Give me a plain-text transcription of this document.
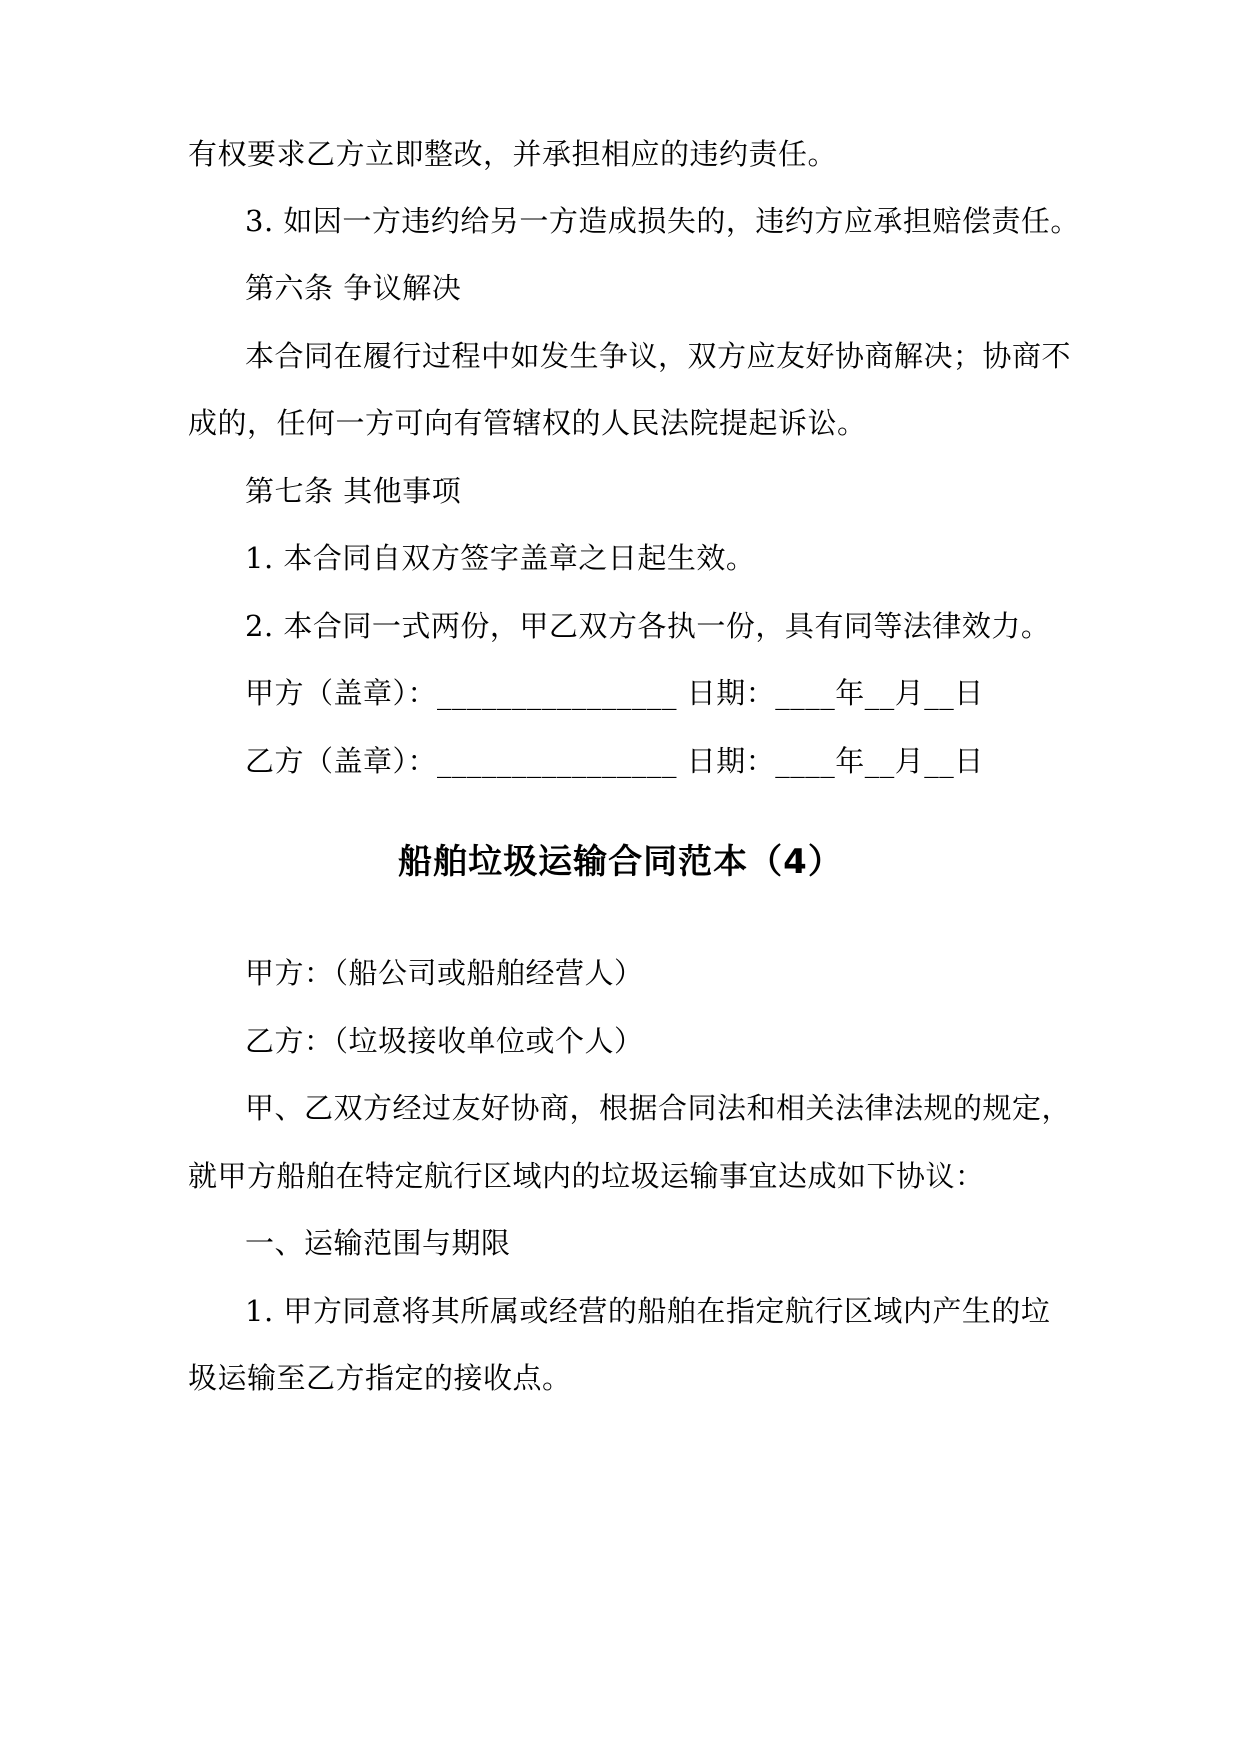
有权要求乙方立即整改，并承担相应的违约责任。
3. 如因一方违约给另一方造成损失的，违约方应承担赔偿责任。
第六条 争议解决
本合同在履行过程中如发生争议，双方应友好协商解决；协商不
成的，任何一方可向有管辖权的人民法院提起诉讼。
第七条 其他事项
1. 本合同自双方签字盖章之日起生效。
2. 本合同一式两份，甲乙双方各执一份，具有同等法律效力。
甲方（盖章）：________________ 日期：____年__月__日
乙方（盖章）：________________ 日期：____年__月__日
船舶垃圾运输合同范本（4）
甲方：（船公司或船舶经营人）
乙方：（垃圾接收单位或个人）
甲、乙双方经过友好协商，根据合同法和相关法律法规的规定，
就甲方船舶在特定航行区域内的垃圾运输事宜达成如下协议：
一、运输范围与期限
1. 甲方同意将其所属或经营的船舶在指定航行区域内产生的垃
圾运输至乙方指定的接收点。
